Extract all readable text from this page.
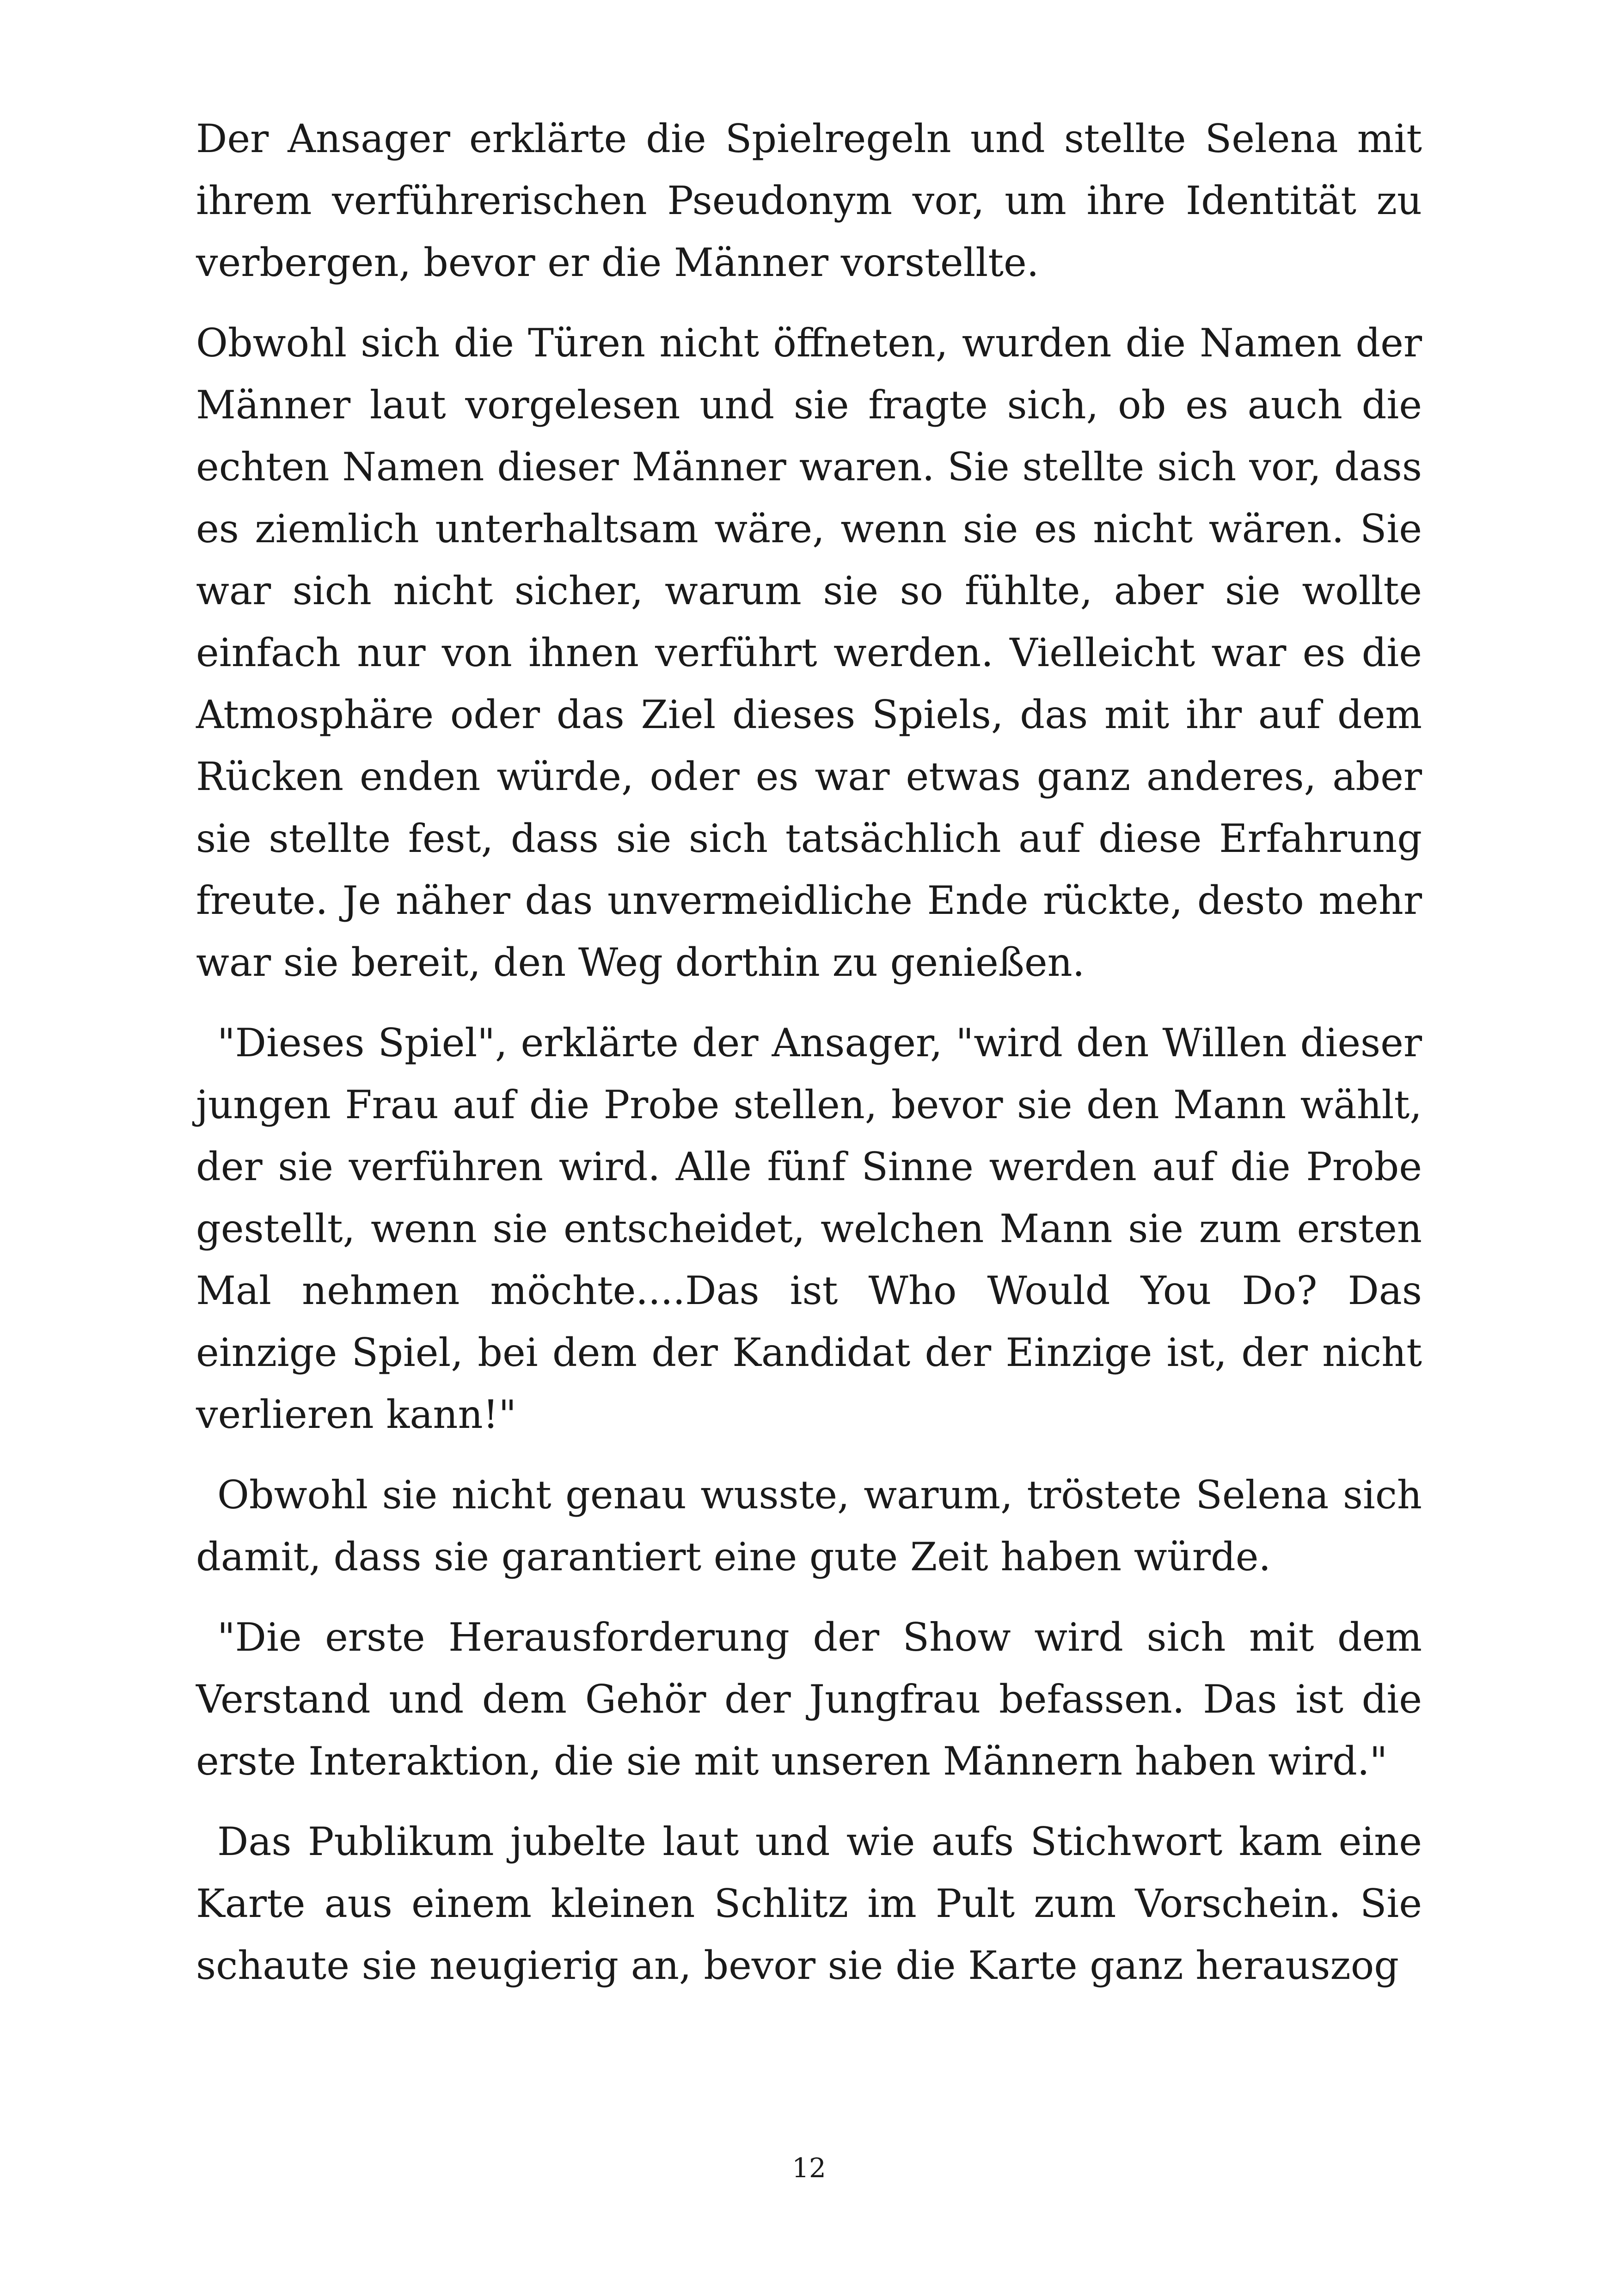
Der Ansager erklärte die Spielregeln und stellte Selena mit ihrem verführerischen Pseudonym vor, um ihre Identität zu verbergen, bevor er die Männer vorstellte.

Obwohl sich die Türen nicht öffneten, wurden die Namen der Männer laut vorgelesen und sie fragte sich, ob es auch die echten Namen dieser Männer waren. Sie stellte sich vor, dass es ziemlich unterhaltsam wäre, wenn sie es nicht wären. Sie war sich nicht sicher, warum sie so fühlte, aber sie wollte einfach nur von ihnen verführt werden. Vielleicht war es die Atmosphäre oder das Ziel dieses Spiels, das mit ihr auf dem Rücken enden würde, oder es war etwas ganz anderes, aber sie stellte fest, dass sie sich tatsächlich auf diese Erfahrung freute. Je näher das unvermeidliche Ende rückte, desto mehr war sie bereit, den Weg dorthin zu genießen.

"Dieses Spiel", erklärte der Ansager, "wird den Willen dieser jungen Frau auf die Probe stellen, bevor sie den Mann wählt, der sie verführen wird. Alle fünf Sinne werden auf die Probe gestellt, wenn sie entscheidet, welchen Mann sie zum ersten Mal nehmen möchte....Das ist Who Would You Do? Das einzige Spiel, bei dem der Kandidat der Einzige ist, der nicht verlieren kann!"

Obwohl sie nicht genau wusste, warum, tröstete Selena sich damit, dass sie garantiert eine gute Zeit haben würde.

"Die erste Herausforderung der Show wird sich mit dem Verstand und dem Gehör der Jungfrau befassen. Das ist die erste Interaktion, die sie mit unseren Männern haben wird."

Das Publikum jubelte laut und wie aufs Stichwort kam eine Karte aus einem kleinen Schlitz im Pult zum Vorschein. Sie schaute sie neugierig an, bevor sie die Karte ganz herauszog

12
